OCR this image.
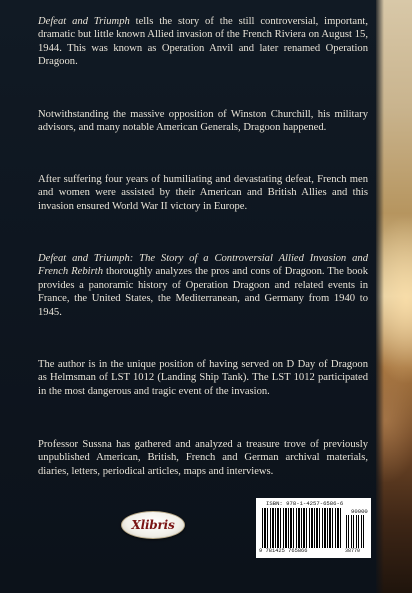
Defeat and Triumph tells the story of the still controversial, important, dramatic but little known Allied invasion of the French Riviera on August 15, 1944. This was known as Operation Anvil and later renamed Operation Dragoon.

Notwithstanding the massive opposition of Winston Churchill, his military advisors, and many notable American Generals, Dragoon happened.

After suffering four years of humiliating and devastating defeat, French men and women were assisted by their American and British Allies and this invasion ensured World War II victory in Europe.

Defeat and Triumph: The Story of a Controversial Allied Invasion and French Rebirth thoroughly analyzes the pros and cons of Dragoon. The book provides a panoramic history of Operation Dragoon and related events in France, the United States, the Mediterranean, and Germany from 1940 to 1945.

The author is in the unique position of having served on D Day of Dragoon as Helmsman of LST 1012 (Landing Ship Tank). The LST 1012 participated in the most dangerous and tragic event of the invasion.

Professor Sussna has gathered and analyzed a treasure trove of previously unpublished American, British, French and German archival materials, diaries, letters, periodical articles, maps and interviews.

Xlibris
ISBN: 978-1-4257-6586-6
90000
9 781425 765866	38770
